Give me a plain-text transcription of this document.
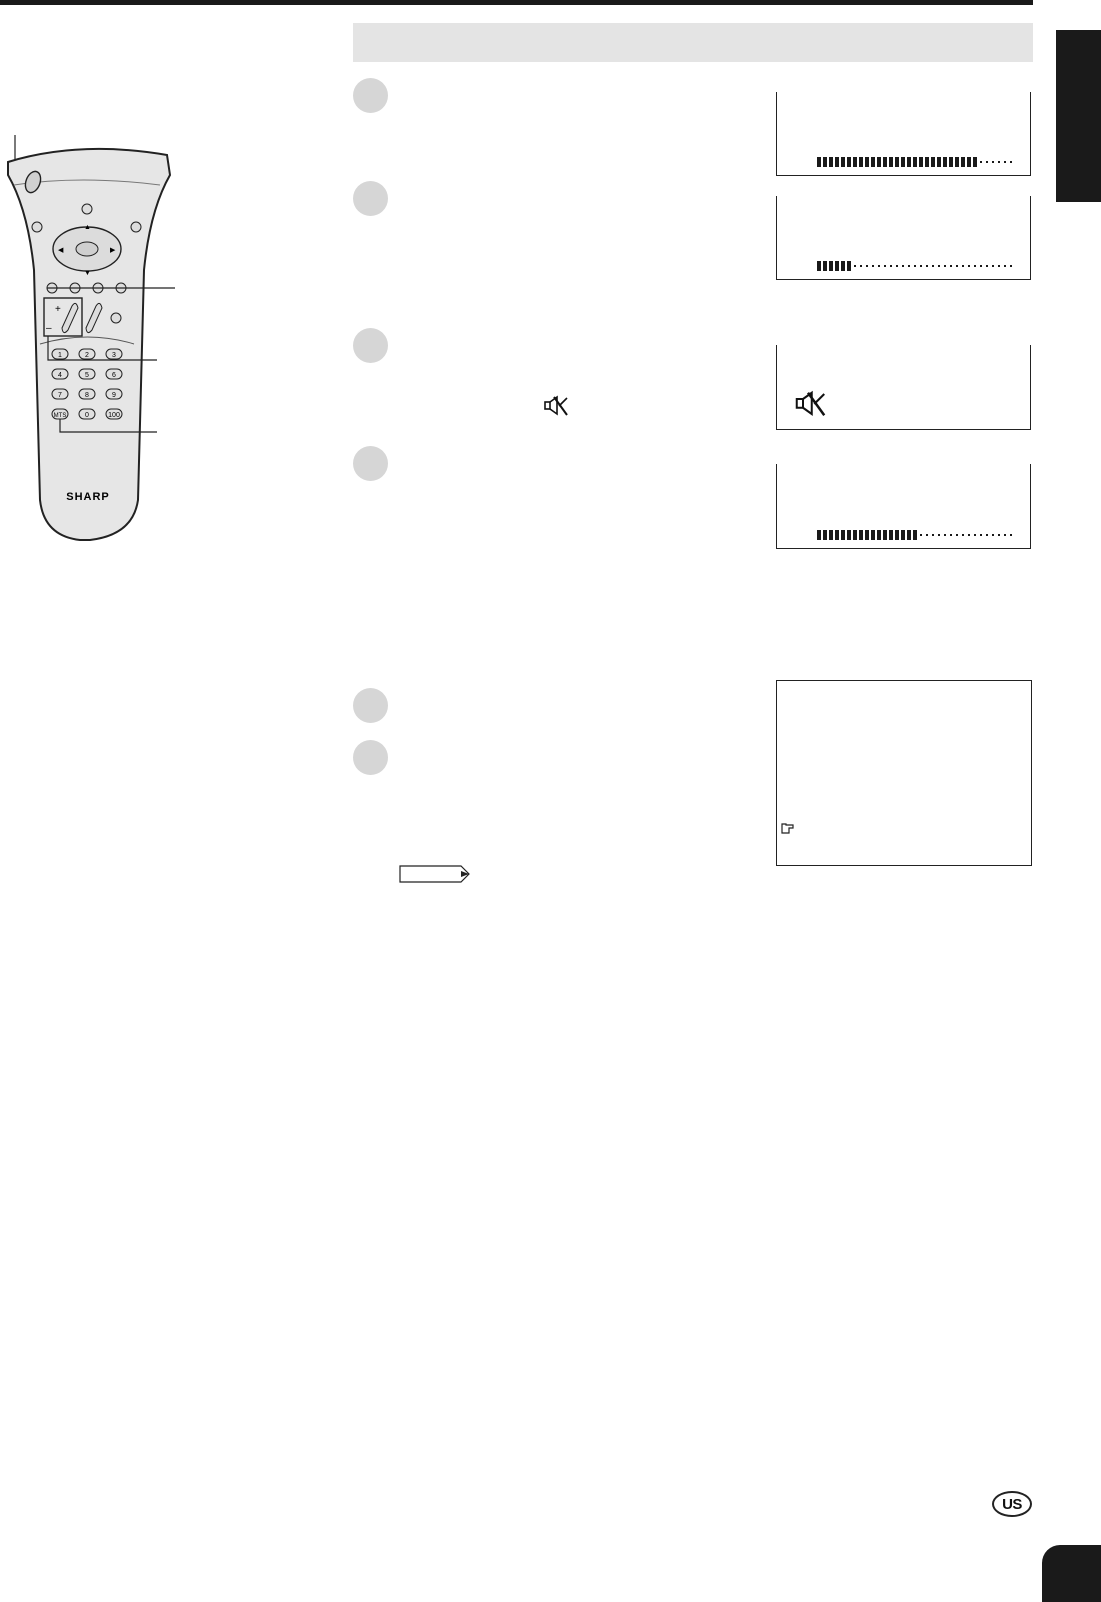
▲
▼
◀	▶
+
–
1	2	3
4	5	6
7	8	9
MTS	0	100
SHARP
US
